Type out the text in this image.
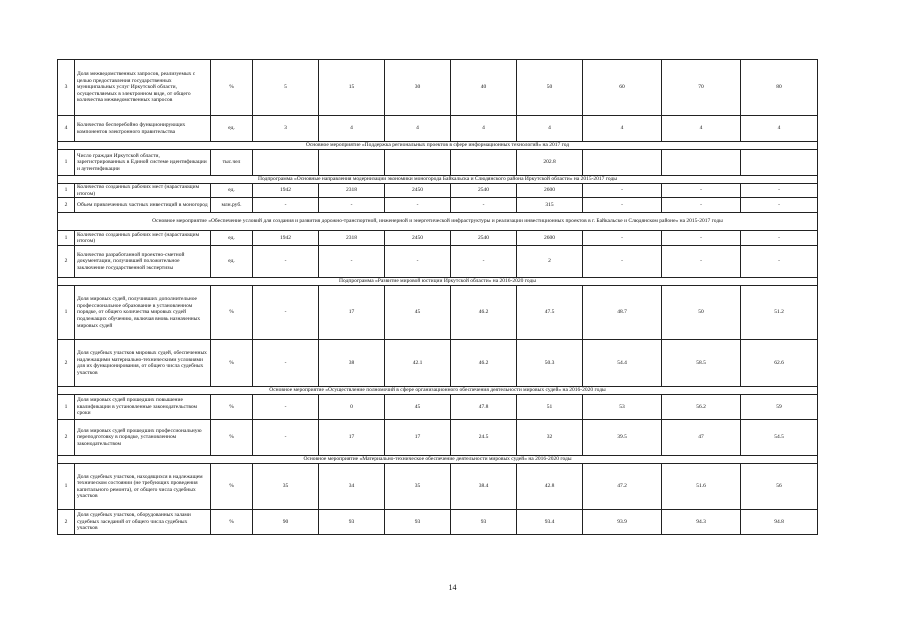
3	Доля межведомственных запросов, реализуемых с целью предоставления государственных муниципальных услуг Иркутской области, осуществляемых в электронном виде, от общего количества межведомственных запросов	%	5	15	30	40	50	60	70	80
4	Количество бесперебойно функционирующих компонентов электронного правительства	ед.	3	4	4	4	4	4	4	4
Основное мероприятие «Поддержка региональных проектов в сфере информационных технологий» на 2017 год										
1	Число граждан Иркутской области, зарегистрированных в Единой системе идентификации и аутентификации	тыс.чел					202.8			
Подпрограмма «Основные направления модернизации экономики моногорода Байкальска и Слюдянского района Иркутской области» на 2015-2017 годы										
1	Количество созданных рабочих мест (нарастающим итогом)	ед.	1942	2318	2450	2540	2600	-	-	-
2	Объем привлеченных частных инвестиций в моногород	млн.руб.	-	-	-	-	315	-	-	-
Основное мероприятие «Обеспечение условий для создания и развития дорожно-транспортной, инженерной и энергетической инфраструктуры и реализации инвестиционных проектов в г. Байкальске и Слюдянском районе» на 2015-2017 годы										
1	Количество созданных рабочих мест (нарастающим итогом)	ед.	1942	2318	2450	2540	2600	-	-	-
2	Количество разработанной проектно-сметной документации, получившей положительное заключение государственной экспертизы	ед.	-	-	-	-	2	-	-	-
Подпрограмма «Развитие мировой юстиции Иркутской области» на 2016-2020 годы										
1	Доля мировых судей, получивших дополнительное профессиональное образование в установленном порядке, от общего количества мировых судей подлежащих обучению, включая вновь назначенных мировых судей	%	-	17	45	46.2	47.5	48.7	50	51.2
2	Доля судебных участков мировых судей, обеспеченных надлежащими материально-техническими условиями для их функционирования, от общего числа судебных участков	%	-	38	42.1	46.2	50.3	54.4	58.5	62.6
Основное мероприятие «Осуществление полномочий в сфере организационного обеспечения деятельности мировых судей» на 2016-2020 годы										
1	Доля мировых судей прошедших повышение квалификации в установленные законодательством сроки	%	-	0	45	47.8	51	53	56.2	59
2	Доля мировых судей прошедших профессиональную переподготовку в порядке, установленном законодательством	%	-	17	17	24.5	32	39.5	47	54.5
Основное мероприятие «Материально-техническое обеспечение деятельности мировых судей» на 2016-2020 годы										
1	Доля судебных участков, находящихся в надлежащем техническом состоянии (не требующих проведения капитального ремонта), от общего числа судебных участков	%	35	34	35	38.4	42.8	47.2	51.6	56
2	Доля судебных участков, оборудованных залами судебных заседаний от общего числа судебных участков	%	90	93	93	93	93.4	93.9	94.3	94.8
14
